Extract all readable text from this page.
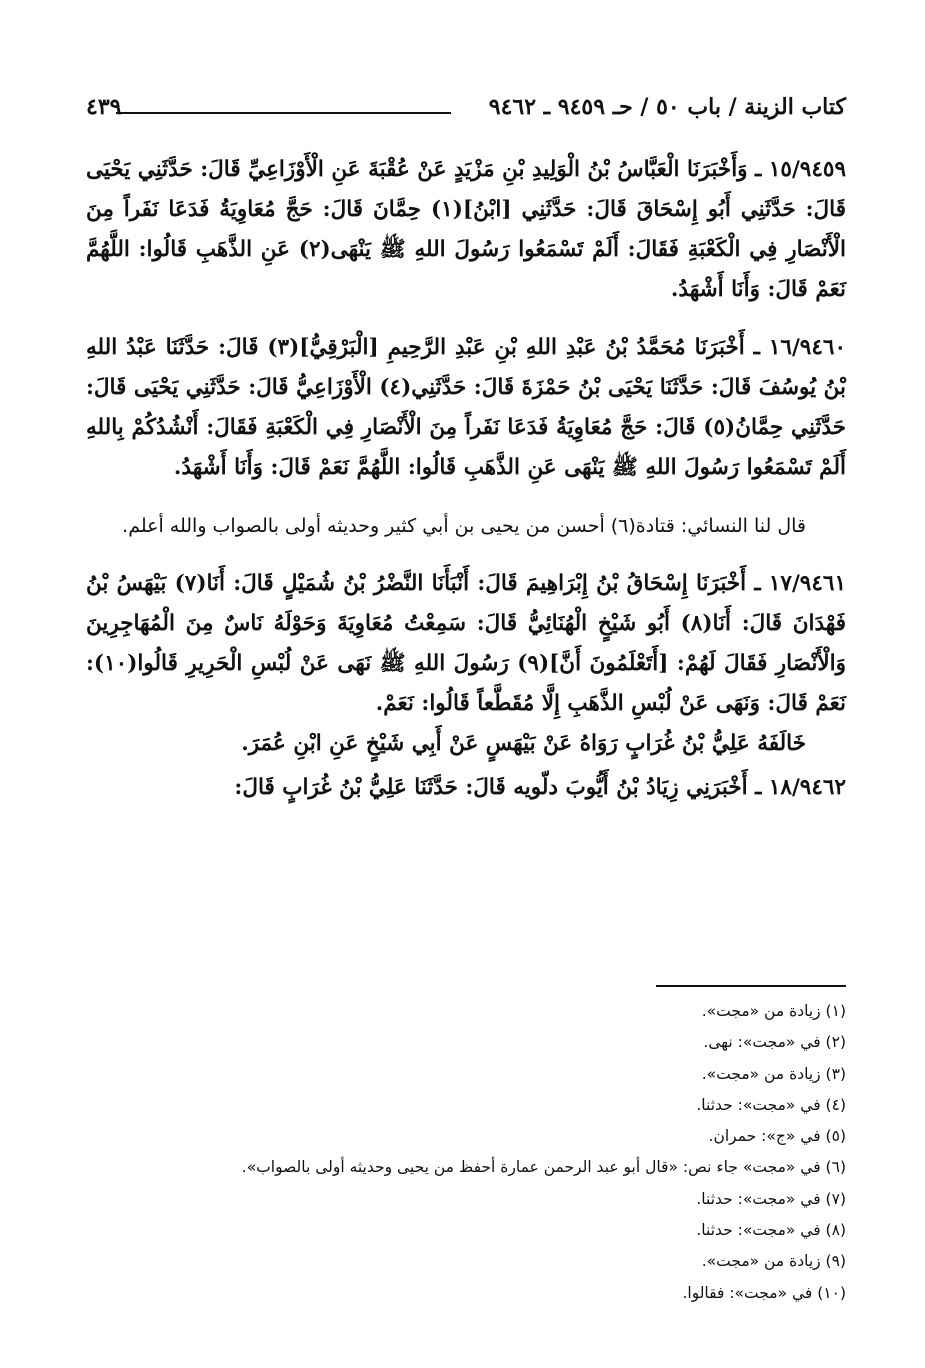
كتاب الزينة / باب ٥٠ / حـ ٩٤٥٩ ـ ٩٤٦٢
٤٣٩

١٥/٩٤٥٩ ـ وَأَخْبَرَنَا الْعَبَّاسُ بْنُ الْوَلِيدِ بْنِ مَزْيَدٍ عَنْ عُقْبَةَ عَنِ الْأَوْزَاعِيِّ قَالَ: حَدَّثَنِي يَحْيَى قَالَ: حَدَّثَنِي أَبُو إِسْحَاقَ قَالَ: حَدَّثَنِي [ابْنُ](١) حِمَّانَ قَالَ: حَجَّ مُعَاوِيَةُ فَدَعَا نَفَراً مِنَ الْأَنْصَارِ فِي الْكَعْبَةِ فَقَالَ: أَلَمْ تَسْمَعُوا رَسُولَ اللهِ ﷺ يَنْهَى(٢) عَنِ الذَّهَبِ قَالُوا: اللَّهُمَّ نَعَمْ قَالَ: وَأَنَا أَشْهَدُ.

١٦/٩٤٦٠ ـ أَخْبَرَنَا مُحَمَّدُ بْنُ عَبْدِ اللهِ بْنِ عَبْدِ الرَّحِيمِ [الْبَرْقِيُّ](٣) قَالَ: حَدَّثَنَا عَبْدُ اللهِ بْنُ يُوسُفَ قَالَ: حَدَّثَنَا يَحْيَى بْنُ حَمْزَةَ قَالَ: حَدَّثَنِي(٤) الْأَوْزَاعِيُّ قَالَ: حَدَّثَنِي يَحْيَى قَالَ: حَدَّثَنِي حِمَّانُ(٥) قَالَ: حَجَّ مُعَاوِيَةُ فَدَعَا نَفَراً مِنَ الْأَنْصَارِ فِي الْكَعْبَةِ فَقَالَ: أَنْشُدُكُمْ بِاللهِ أَلَمْ تَسْمَعُوا رَسُولَ اللهِ ﷺ يَنْهَى عَنِ الذَّهَبِ قَالُوا: اللَّهُمَّ نَعَمْ قَالَ: وَأَنَا أَشْهَدُ.

قال لنا النسائي: قتادة(٦) أحسن من يحيى بن أبي كثير وحديثه أولى بالصواب والله أعلم.

١٧/٩٤٦١ ـ أَخْبَرَنَا إِسْحَاقُ بْنُ إِبْرَاهِيمَ قَالَ: أَنْبَأَنَا النَّضْرُ بْنُ شُمَيْلٍ قَالَ: أَنَا(٧) بَيْهَسُ بْنُ فَهْدَانَ قَالَ: أَنَا(٨) أَبُو شَيْخٍ الْهُنَائِيُّ قَالَ: سَمِعْتُ مُعَاوِيَةَ وَحَوْلَهُ نَاسٌ مِنَ الْمُهَاجِرِينَ وَالْأَنْصَارِ فَقَالَ لَهُمْ: [أَتَعْلَمُونَ أَنَّ](٩) رَسُولَ اللهِ ﷺ نَهَى عَنْ لُبْسِ الْحَرِيرِ قَالُوا(١٠): نَعَمْ قَالَ: وَنَهَى عَنْ لُبْسِ الذَّهَبِ إِلَّا مُقَطَّعاً قَالُوا: نَعَمْ.

خَالَفَهُ عَلِيُّ بْنُ غُرَابٍ رَوَاهُ عَنْ بَيْهَسٍ عَنْ أَبِي شَيْخٍ عَنِ ابْنِ عُمَرَ.

١٨/٩٤٦٢ ـ أَخْبَرَنِي زِيَادُ بْنُ أَيُّوبَ دلّويه قَالَ: حَدَّثَنَا عَلِيُّ بْنُ غُرَابٍ قَالَ:

(١) زيادة من «مجت».

(٢) في «مجت»: نهى.

(٣) زيادة من «مجت».

(٤) في «مجت»: حدثنا.

(٥) في «ج»: حمران.

(٦) في «مجت» جاء نص: «قال أبو عبد الرحمن عمارة أحفظ من يحيى وحديثه أولى بالصواب».

(٧) في «مجت»: حدثنا.

(٨) في «مجت»: حدثنا.

(٩) زيادة من «مجت».

(١٠) في «مجت»: فقالوا.
